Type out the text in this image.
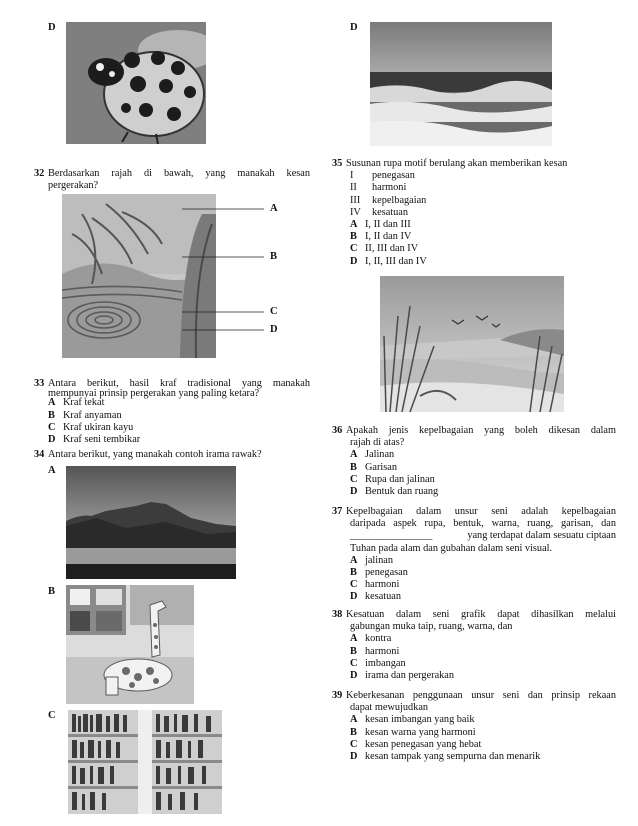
D
32 Berdasarkan rajah di bawah, yang manakah kesan
pergerakan?
A
B
C
D
33 Antara berikut, hasil kraf tradisional yang manakah
mempunyai prinsip pergerakan yang paling ketara?
A Kraf tekat
B Kraf anyaman
C Kraf ukiran kayu
D Kraf seni tembikar
34 Antara berikut, yang manakah contoh irama rawak?
A
B
C
D
35 Susunan rupa motif berulang akan memberikan kesan
I penegasan
II harmoni
III kepelbagaian
IV kesatuan
A I, II dan III
B I, II dan IV
C II, III dan IV
D I, II, III dan IV
36 Apakah jenis kepelbagaian yang boleh dikesan dalam
rajah di atas?
A Jalinan
B Garisan
C Rupa dan jalinan
D Bentuk dan ruang
37 Kepelbagaian dalam unsur seni adalah kepelbagaian
daripada aspek rupa, bentuk, warna, ruang, garisan, dan
________________	yang terdapat dalam sesuatu ciptaan
Tuhan pada alam dan gubahan dalam seni visual.
A jalinan
B penegasan
C harmoni
D kesatuan
38 Kesatuan dalam seni grafik dapat dihasilkan melalui
gabungan muka taip, ruang, warna, dan
A kontra
B harmoni
C imbangan
D irama dan pergerakan
39 Keberkesanan penggunaan unsur seni dan prinsip rekaan
dapat mewujudkan
A kesan imbangan yang baik
B kesan warna yang harmoni
C kesan penegasan yang hebat
D kesan tampak yang sempurna dan menarik
